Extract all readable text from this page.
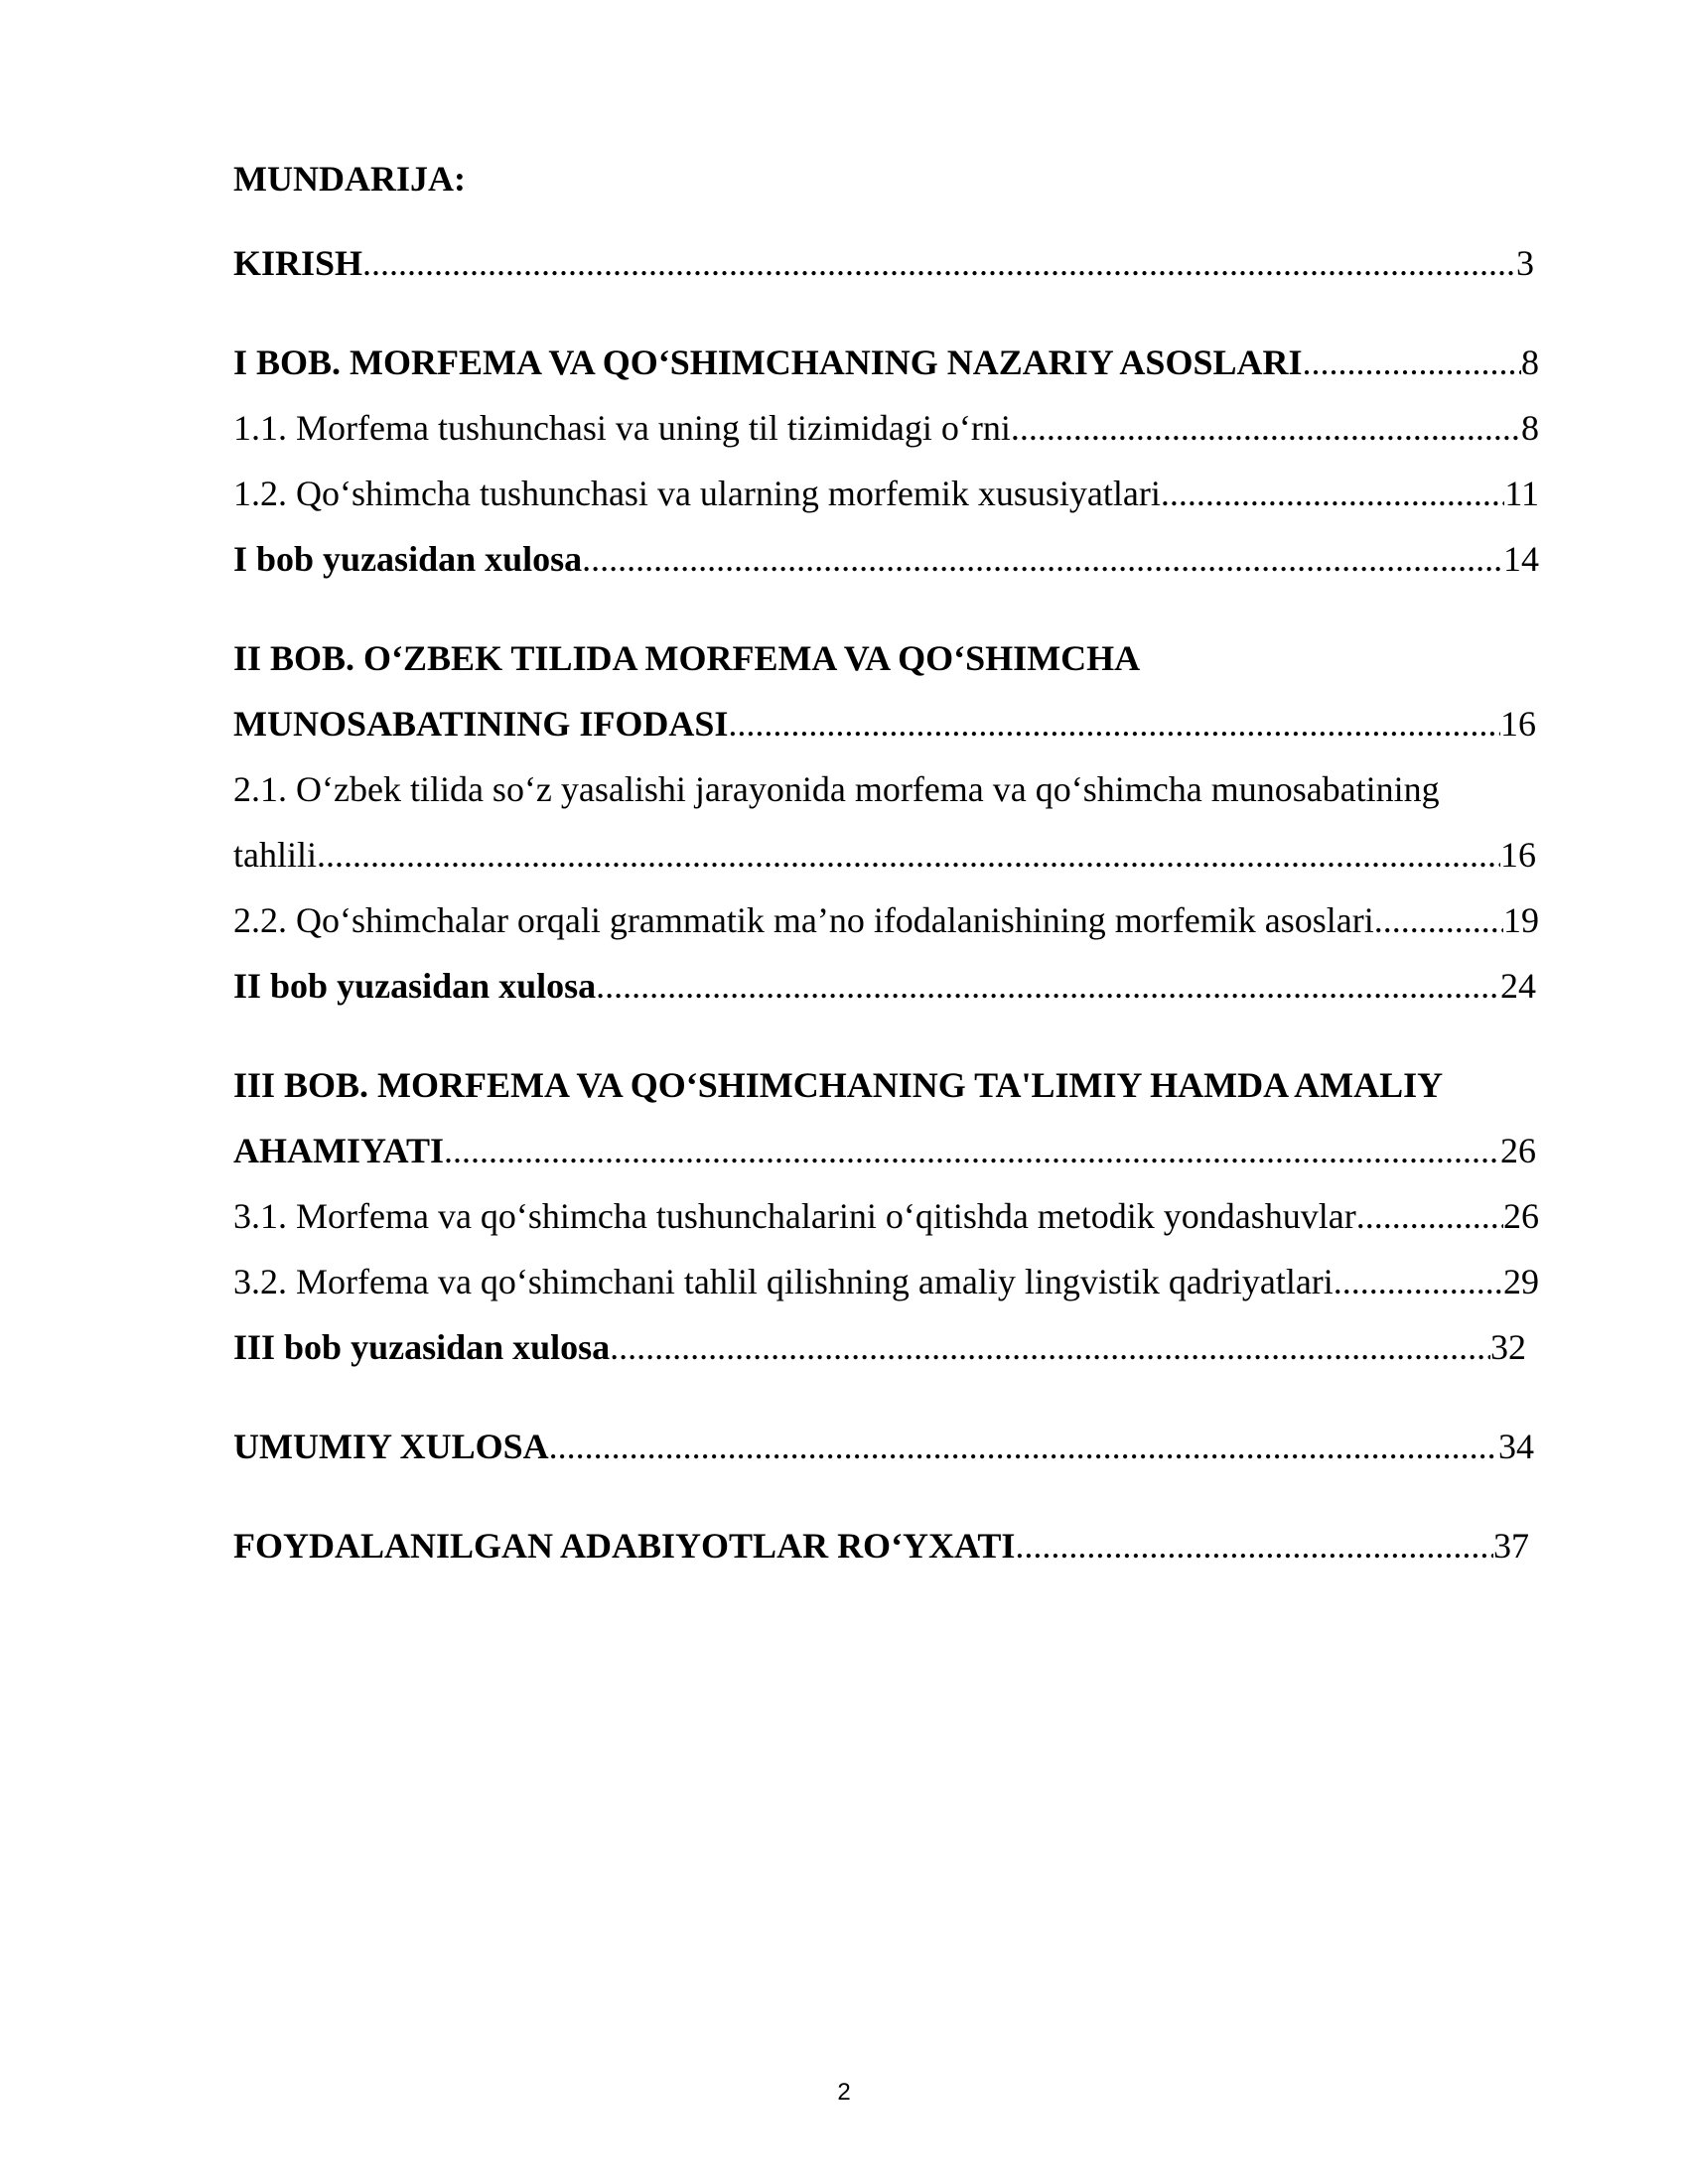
MUNDARIJA:
KIRISH	3
.....
I BOB. MORFEMA VA QO‘SHIMCHANING NAZARIY ASOSLARI	8
.....
1.1. Morfema tushunchasi va uning til tizimidagi o‘rni	8
.....
1.2. Qo‘shimcha tushunchasi va ularning morfemik xususiyatlari	11
.....
I bob yuzasidan xulosa	14
.....
II BOB. O‘ZBEK TILIDA MORFEMA VA QO‘SHIMCHA
MUNOSABATINING IFODASI	16
.....
2.1. O‘zbek tilida so‘z yasalishi jarayonida morfema va qo‘shimcha munosabatining
tahlili	16
.....
2.2. Qo‘shimchalar orqali grammatik ma’no ifodalanishining morfemik asoslari	19
.....
II bob yuzasidan xulosa	24
.....
III BOB. MORFEMA VA QO‘SHIMCHANING TA'LIMIY HAMDA AMALIY
AHAMIYATI	26
.....
3.1. Morfema va qo‘shimcha tushunchalarini o‘qitishda metodik yondashuvlar	26
.....
3.2. Morfema va qo‘shimchani tahlil qilishning amaliy lingvistik qadriyatlari	29
.....
III bob yuzasidan xulosa	32
.....
UMUMIY XULOSA	34
.....
FOYDALANILGAN ADABIYOTLAR RO‘YXATI	37
.....
2
